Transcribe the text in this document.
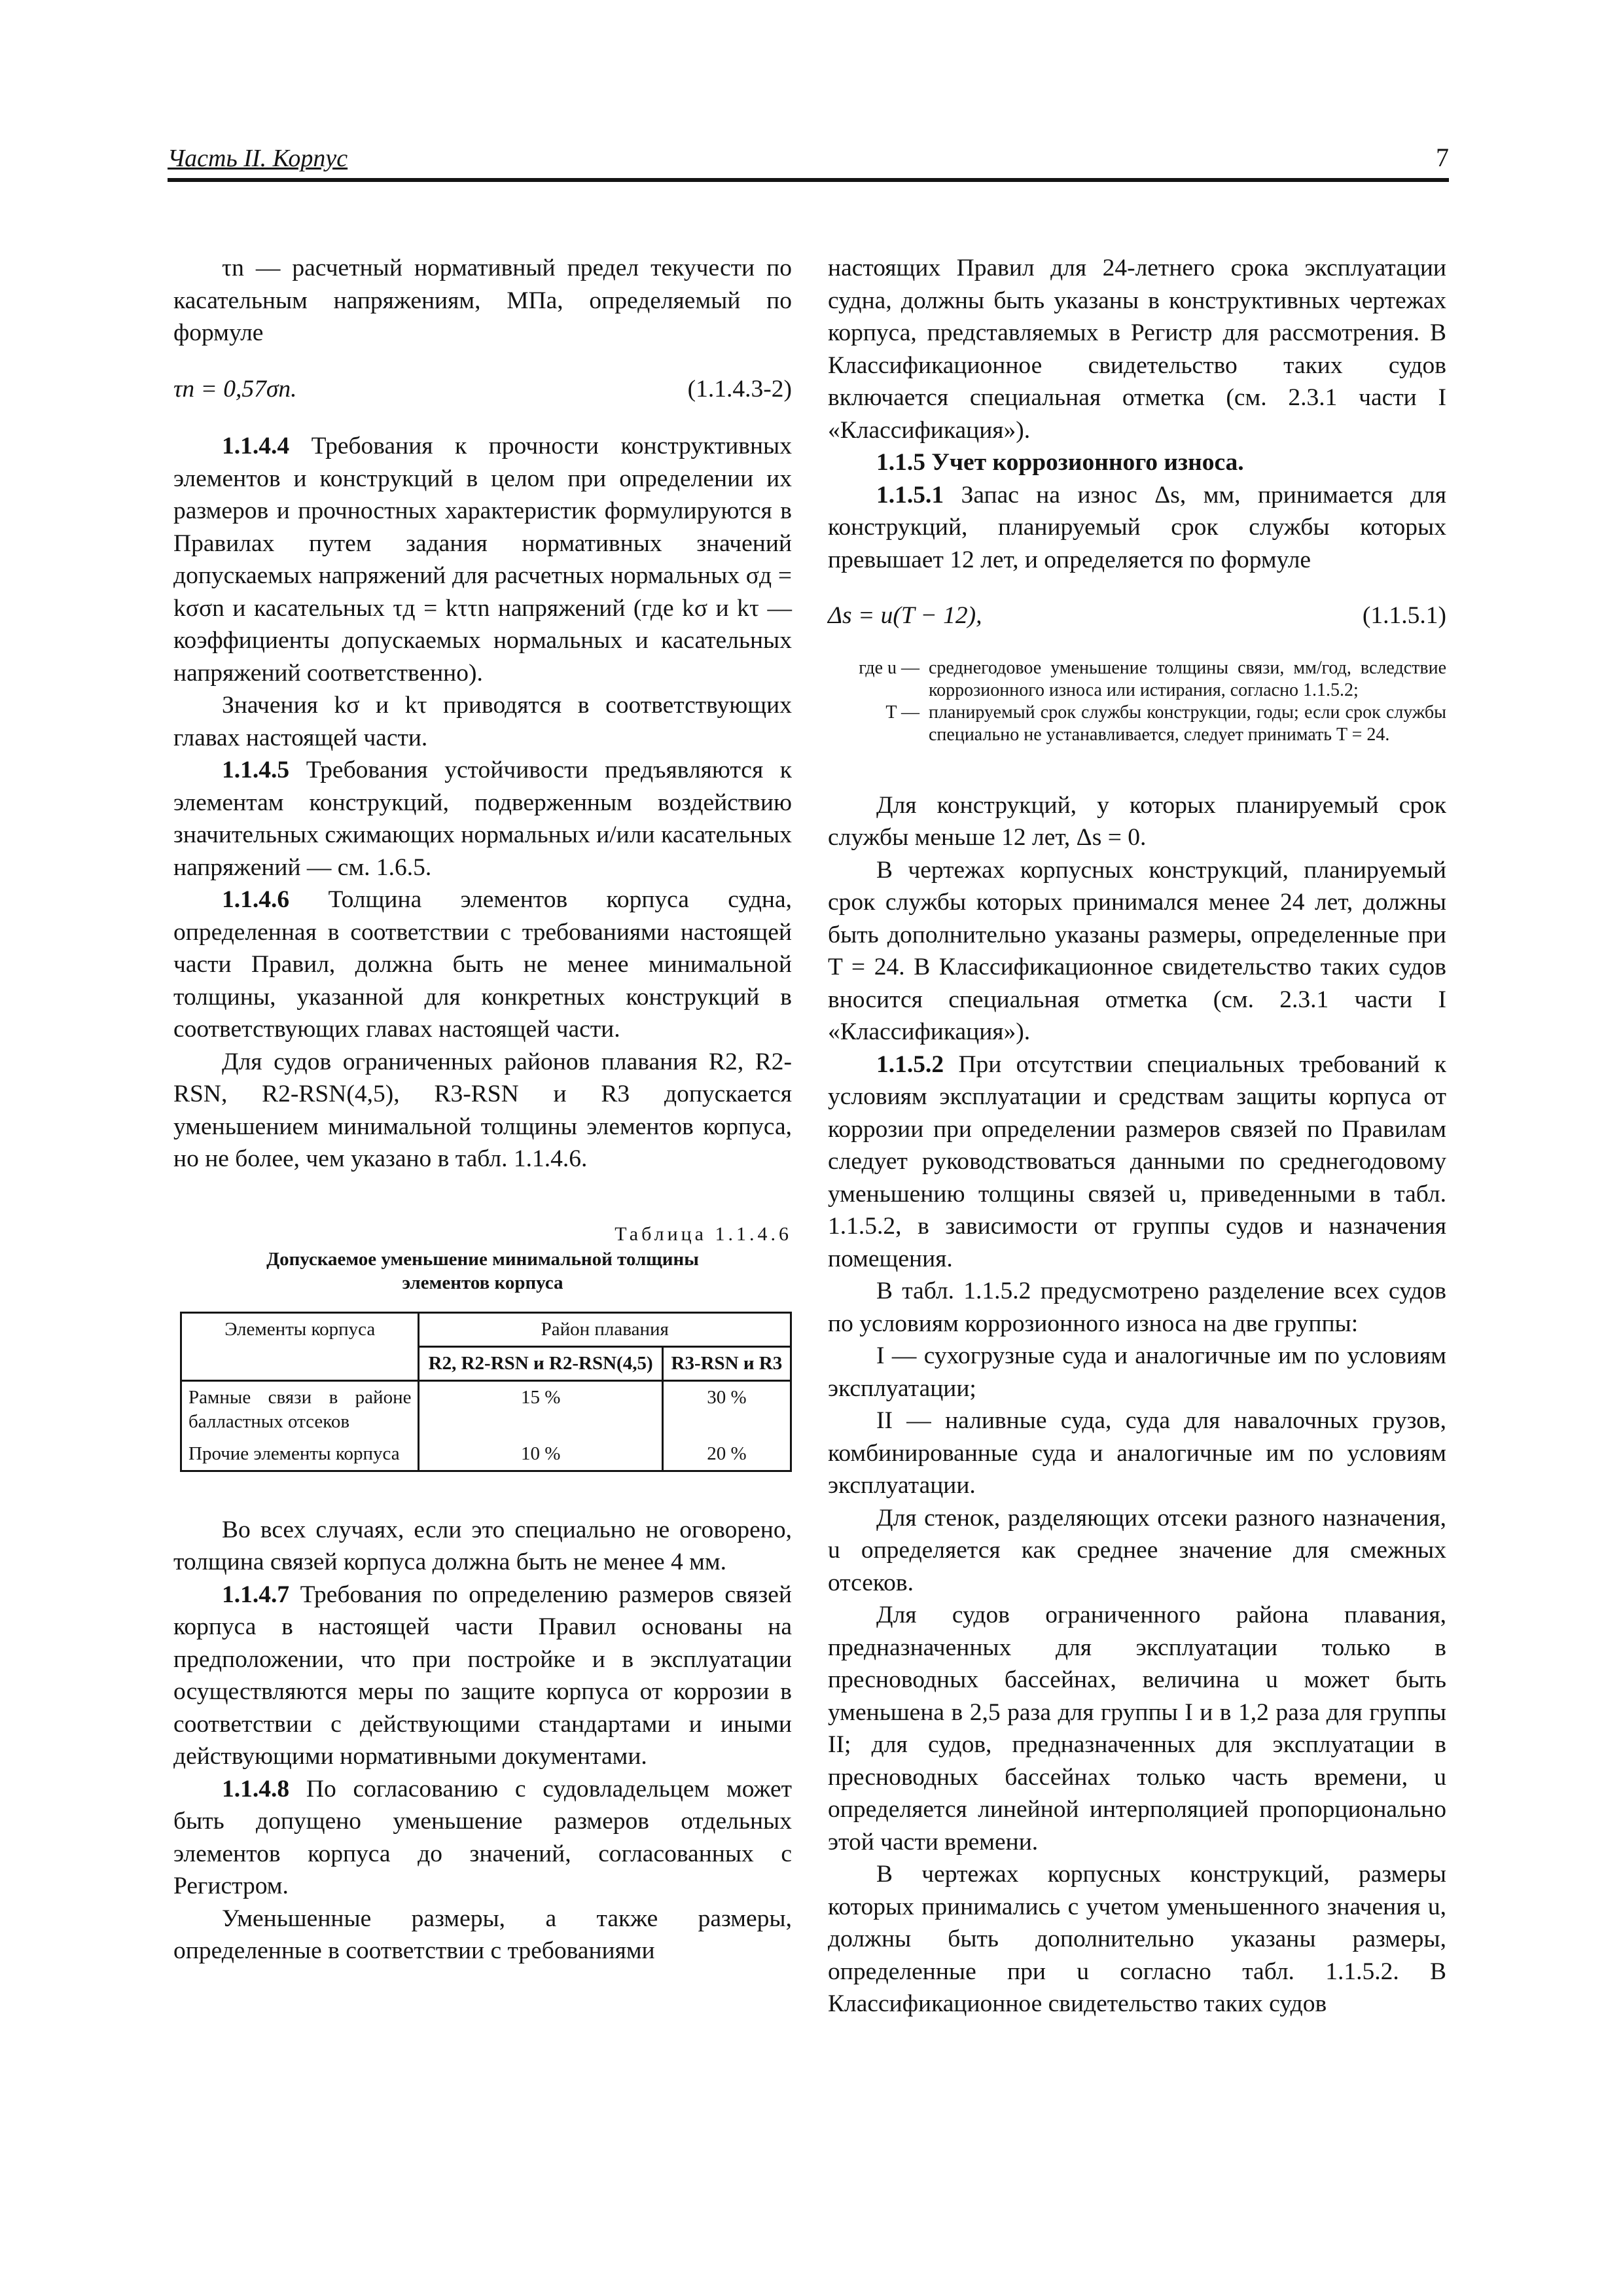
Часть II. Корпус	7

τn — расчетный нормативный предел текучести по касательным напряжениям, МПа, определяемый по формуле

τn = 0,57σn.	(1.1.4.3-2)

1.1.4.4 Требования к прочности конструктивных элементов и конструкций в целом при определении их размеров и прочностных характеристик формулируются в Правилах путем задания нормативных значений допускаемых напряжений для расчетных нормальных σд = kσσn и касательных τд = kττn напряжений (где kσ и kτ — коэффициенты допускаемых нормальных и касательных напряжений соответственно).

Значения kσ и kτ приводятся в соответствующих главах настоящей части.

1.1.4.5 Требования устойчивости предъявляются к элементам конструкций, подверженным воздействию значительных сжимающих нормальных и/или касательных напряжений — см. 1.6.5.

1.1.4.6 Толщина элементов корпуса судна, определенная в соответствии с требованиями настоящей части Правил, должна быть не менее минимальной толщины, указанной для конкретных конструкций в соответствующих главах настоящей части.

Для судов ограниченных районов плавания R2, R2-RSN, R2-RSN(4,5), R3-RSN и R3 допускается уменьшением минимальной толщины элементов корпуса, но не более, чем указано в табл. 1.1.4.6.

Таблица 1.1.4.6
Допускаемое уменьшение минимальной толщины
элементов корпуса
Элементы корпуса	Район плавания	
	R2, R2-RSN и R2-RSN(4,5)	R3-RSN и R3
Рамные связи в районе балластных отсеков	15 %	30 %
Прочие элементы корпуса	10 %	20 %

Во всех случаях, если это специально не оговорено, толщина связей корпуса должна быть не менее 4 мм.

1.1.4.7 Требования по определению размеров связей корпуса в настоящей части Правил основаны на предположении, что при постройке и в эксплуатации осуществляются меры по защите корпуса от коррозии в соответствии с действующими стандартами и иными действующими нормативными документами.

1.1.4.8 По согласованию с судовладельцем может быть допущено уменьшение размеров отдельных элементов корпуса до значений, согласованных с Регистром.

Уменьшенные размеры, а также размеры, определенные в соответствии с требованиями

настоящих Правил для 24-летнего срока эксплуатации судна, должны быть указаны в конструктивных чертежах корпуса, представляемых в Регистр для рассмотрения. В Классификационное свидетельство таких судов включается специальная отметка (см. 2.3.1 части I «Классификация»).

1.1.5 Учет коррозионного износа.

1.1.5.1 Запас на износ Δs, мм, принимается для конструкций, планируемый срок службы которых превышает 12 лет, и определяется по формуле

Δs = u(T − 12),	(1.1.5.1)
где u — среднегодовое уменьшение толщины связи, мм/год, вследствие коррозионного износа или истирания, согласно 1.1.5.2;
T — планируемый срок службы конструкции, годы; если срок службы специально не устанавливается, следует принимать T = 24.

Для конструкций, у которых планируемый срок службы меньше 12 лет, Δs = 0.

В чертежах корпусных конструкций, планируемый срок службы которых принимался менее 24 лет, должны быть дополнительно указаны размеры, определенные при T = 24. В Классификационное свидетельство таких судов вносится специальная отметка (см. 2.3.1 части I «Классификация»).

1.1.5.2 При отсутствии специальных требований к условиям эксплуатации и средствам защиты корпуса от коррозии при определении размеров связей по Правилам следует руководствоваться данными по среднегодовому уменьшению толщины связей u, приведенными в табл. 1.1.5.2, в зависимости от группы судов и назначения помещения.

В табл. 1.1.5.2 предусмотрено разделение всех судов по условиям коррозионного износа на две группы:

I — сухогрузные суда и аналогичные им по условиям эксплуатации;

II — наливные суда, суда для навалочных грузов, комбинированные суда и аналогичные им по условиям эксплуатации.

Для стенок, разделяющих отсеки разного назначения, u определяется как среднее значение для смежных отсеков.

Для судов ограниченного района плавания, предназначенных для эксплуатации только в пресноводных бассейнах, величина u может быть уменьшена в 2,5 раза для группы I и в 1,2 раза для группы II; для судов, предназначенных для эксплуатации в пресноводных бассейнах только часть времени, u определяется линейной интерполяцией пропорционально этой части времени.

В чертежах корпусных конструкций, размеры которых принимались с учетом уменьшенного значения u, должны быть дополнительно указаны размеры, определенные при u согласно табл. 1.1.5.2. В Классификационное свидетельство таких судов
